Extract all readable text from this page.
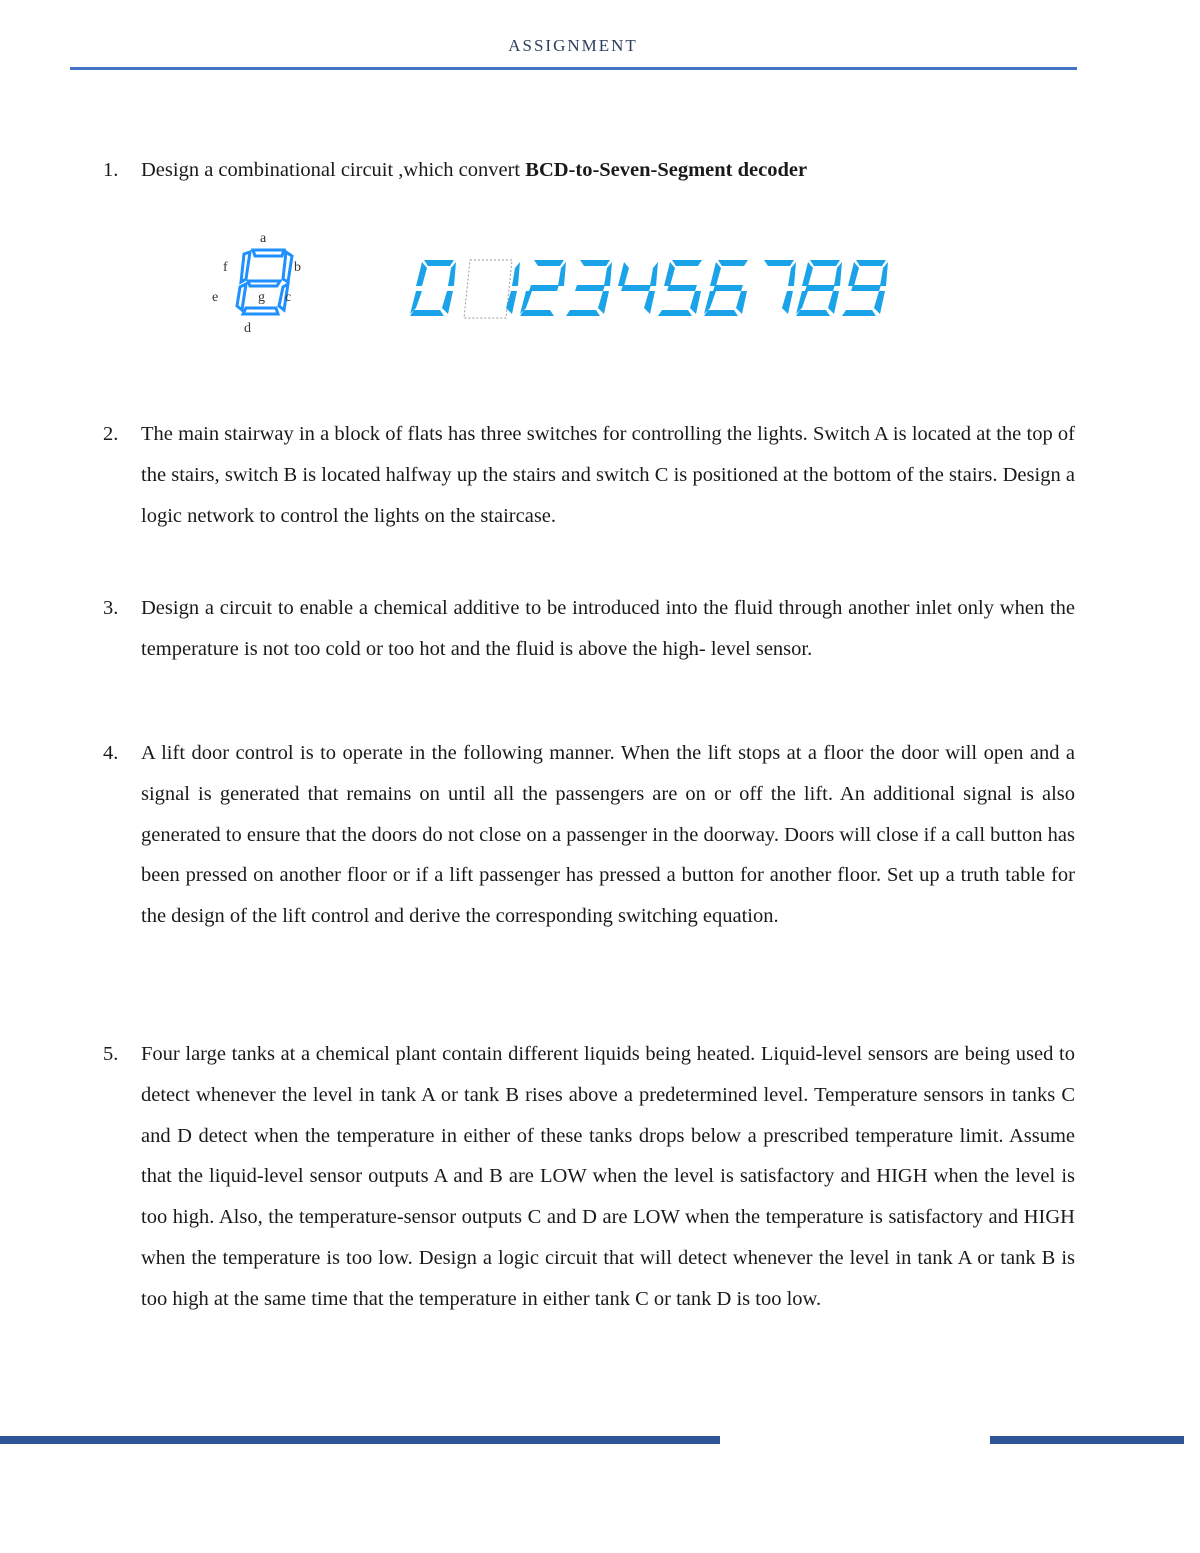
ASSIGNMENT
1. Design a combinational circuit ,which convert BCD-to-Seven-Segment decoder
a
b
c
d
e
f
g
2. The main stairway in a block of flats has three switches for controlling the lights. Switch A is located at the top of the stairs, switch B is located halfway up the stairs and switch C is positioned at the bottom of the stairs. Design a logic network to control the lights on the staircase.
3. Design a circuit to enable a chemical additive to be introduced into the fluid through another inlet only when the temperature is not too cold or too hot and the fluid is above the high- level sensor.
4. A lift door control is to operate in the following manner. When the lift stops at a floor the door will open and a signal is generated that remains on until all the passengers are on or off the lift. An additional signal is also generated to ensure that the doors do not close on a passenger in the doorway. Doors will close if a call button has been pressed on another floor or if a lift passenger has pressed a button for another floor. Set up a truth table for the design of the lift control and derive the corresponding switching equation.
5. Four large tanks at a chemical plant contain different liquids being heated. Liquid-level sensors are being used to detect whenever the level in tank A or tank B rises above a predetermined level. Temperature sensors in tanks C and D detect when the temperature in either of these tanks drops below a prescribed temperature limit. Assume that the liquid-level sensor outputs A and B are LOW when the level is satisfactory and HIGH when the level is too high. Also, the temperature-sensor outputs C and D are LOW when the temperature is satisfactory and HIGH when the temperature is too low. Design a logic circuit that will detect whenever the level in tank A or tank B is too high at the same time that the temperature in either tank C or tank D is too low.
